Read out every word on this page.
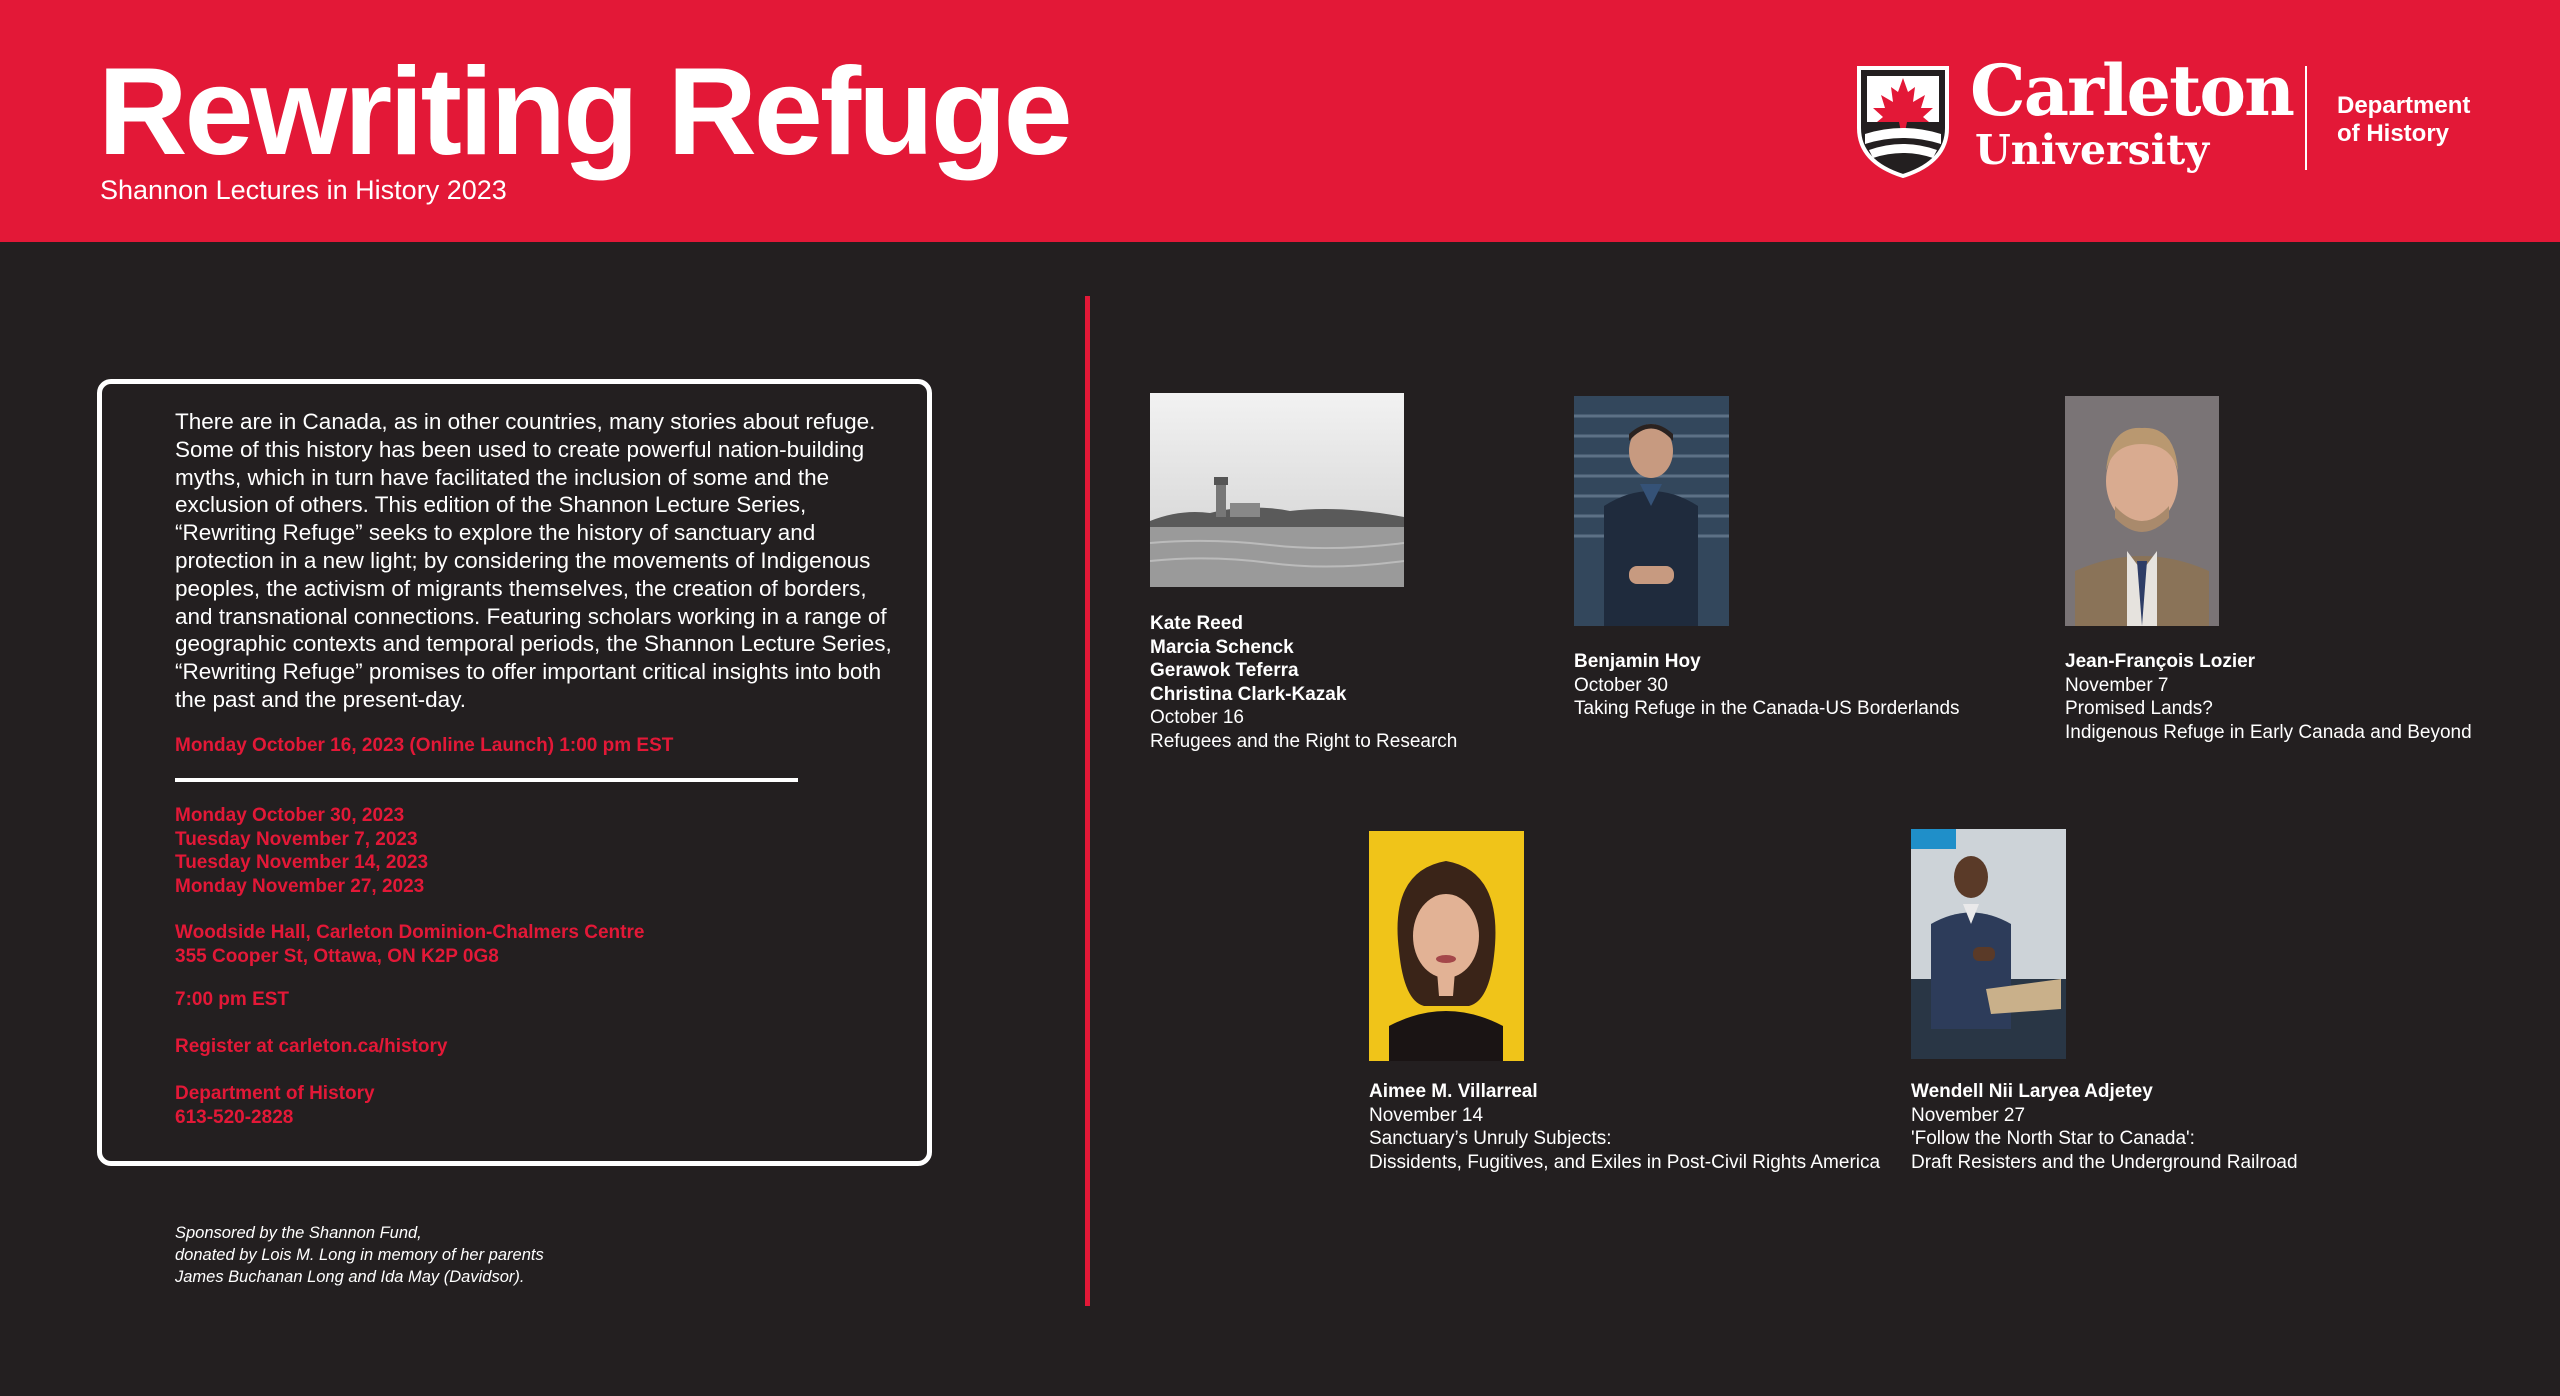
Rewriting Refuge
Shannon Lectures in History 2023
Carleton
University
Department
of History

There are in Canada, as in other countries, many stories about refuge. Some of this history has been used to create powerful nation-building myths, which in turn have facilitated the inclusion of some and the exclusion of others. This edition of the Shannon Lecture Series, “Rewriting Refuge” seeks to explore the history of sanctuary and protection in a new light; by considering the movements of Indigenous peoples, the activism of migrants themselves, the creation of borders, and transnational connections. Featuring scholars working in a range of geographic contexts and temporal periods, the Shannon Lecture Series, “Rewriting Refuge” promises to offer important critical insights into both the past and the present-day.

Monday October 16, 2023 (Online Launch) 1:00 pm EST
Monday October 30, 2023
Tuesday November 7, 2023
Tuesday November 14, 2023
Monday November 27, 2023
Woodside Hall, Carleton Dominion-Chalmers Centre
355 Cooper St, Ottawa, ON K2P 0G8
7:00 pm EST
Register at carleton.ca/history
Department of History
613-520-2828
Sponsored by the Shannon Fund,
donated by Lois M. Long in memory of her parents
James Buchanan Long and Ida May (Davidsor).
Kate Reed
Marcia Schenck
Gerawok Teferra
Christina Clark-Kazak
October 16
Refugees and the Right to Research
Benjamin Hoy
October 30
Taking Refuge in the Canada-US Borderlands
Jean-François Lozier
November 7
Promised Lands?
Indigenous Refuge in Early Canada and Beyond
Aimee M. Villarreal
November 14
Sanctuary’s Unruly Subjects:
Dissidents, Fugitives, and Exiles in Post-Civil Rights America
Wendell Nii Laryea Adjetey
November 27
'Follow the North Star to Canada':
Draft Resisters and the Underground Railroad
